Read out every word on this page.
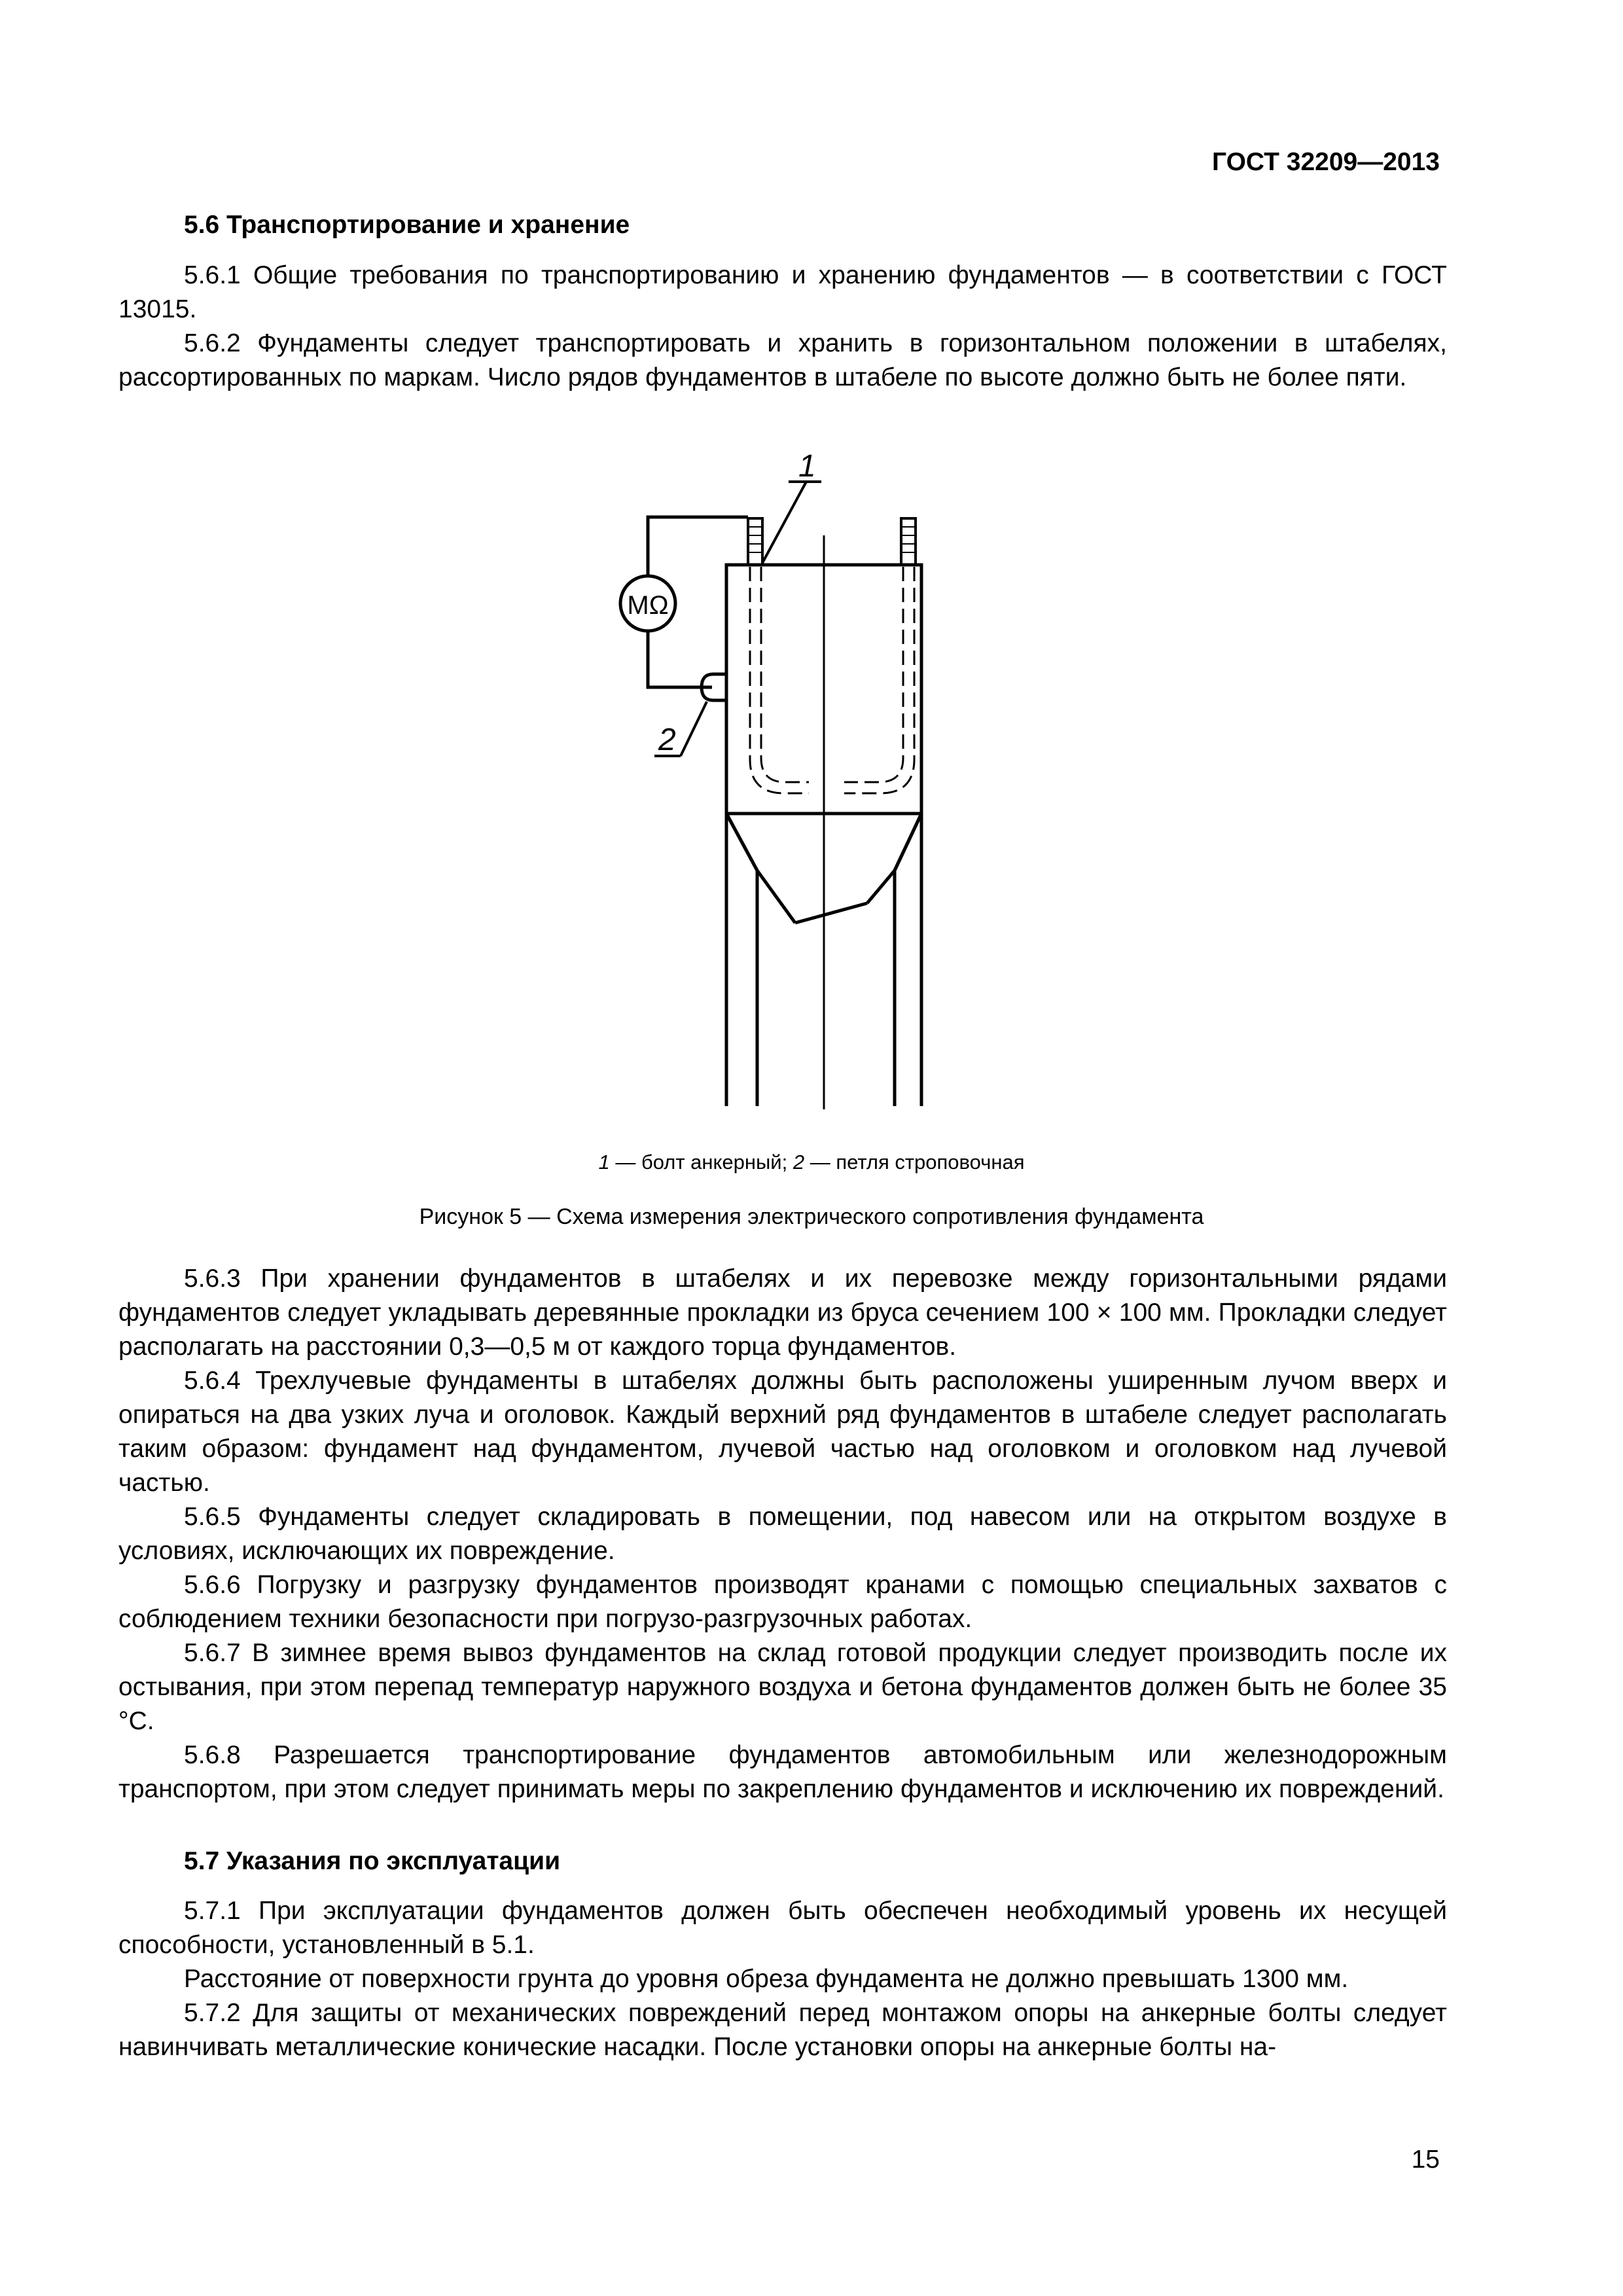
ГОСТ 32209—2013
5.6 Транспортирование и хранение

5.6.1 Общие требования по транспортированию и хранению фундаментов — в соответствии с ГОСТ 13015.

5.6.2 Фундаменты следует транспортировать и хранить в горизонтальном положении в штабелях, рассортированных по маркам. Число рядов фундаментов в штабеле по высоте должно быть не более пяти.

1
2
MΩ
1 — болт анкерный; 2 — петля строповочная
Рисунок 5 — Схема измерения электрического сопротивления фундамента

5.6.3 При хранении фундаментов в штабелях и их перевозке между горизонтальными рядами фундаментов следует укладывать деревянные прокладки из бруса сечением 100 × 100 мм. Прокладки следует располагать на расстоянии 0,3—0,5 м от каждого торца фундаментов.

5.6.4 Трехлучевые фундаменты в штабелях должны быть расположены уширенным лучом вверх и опираться на два узких луча и оголовок. Каждый верхний ряд фундаментов в штабеле следует располагать таким образом: фундамент над фундаментом, лучевой частью над оголовком и оголовком над лучевой частью.

5.6.5 Фундаменты следует складировать в помещении, под навесом или на открытом воздухе в условиях, исключающих их повреждение.

5.6.6 Погрузку и разгрузку фундаментов производят кранами с помощью специальных захватов с соблюдением техники безопасности при погрузо-разгрузочных работах.

5.6.7 В зимнее время вывоз фундаментов на склад готовой продукции следует производить после их остывания, при этом перепад температур наружного воздуха и бетона фундаментов должен быть не более 35 °С.

5.6.8 Разрешается транспортирование фундаментов автомобильным или железнодорожным транспортом, при этом следует принимать меры по закреплению фундаментов и исключению их повреждений.

5.7 Указания по эксплуатации

5.7.1 При эксплуатации фундаментов должен быть обеспечен необходимый уровень их несущей способности, установленный в 5.1.

Расстояние от поверхности грунта до уровня обреза фундамента не должно превышать 1300 мм.

5.7.2 Для защиты от механических повреждений перед монтажом опоры на анкерные болты следует навинчивать металлические конические насадки. После установки опоры на анкерные болты на-

15
